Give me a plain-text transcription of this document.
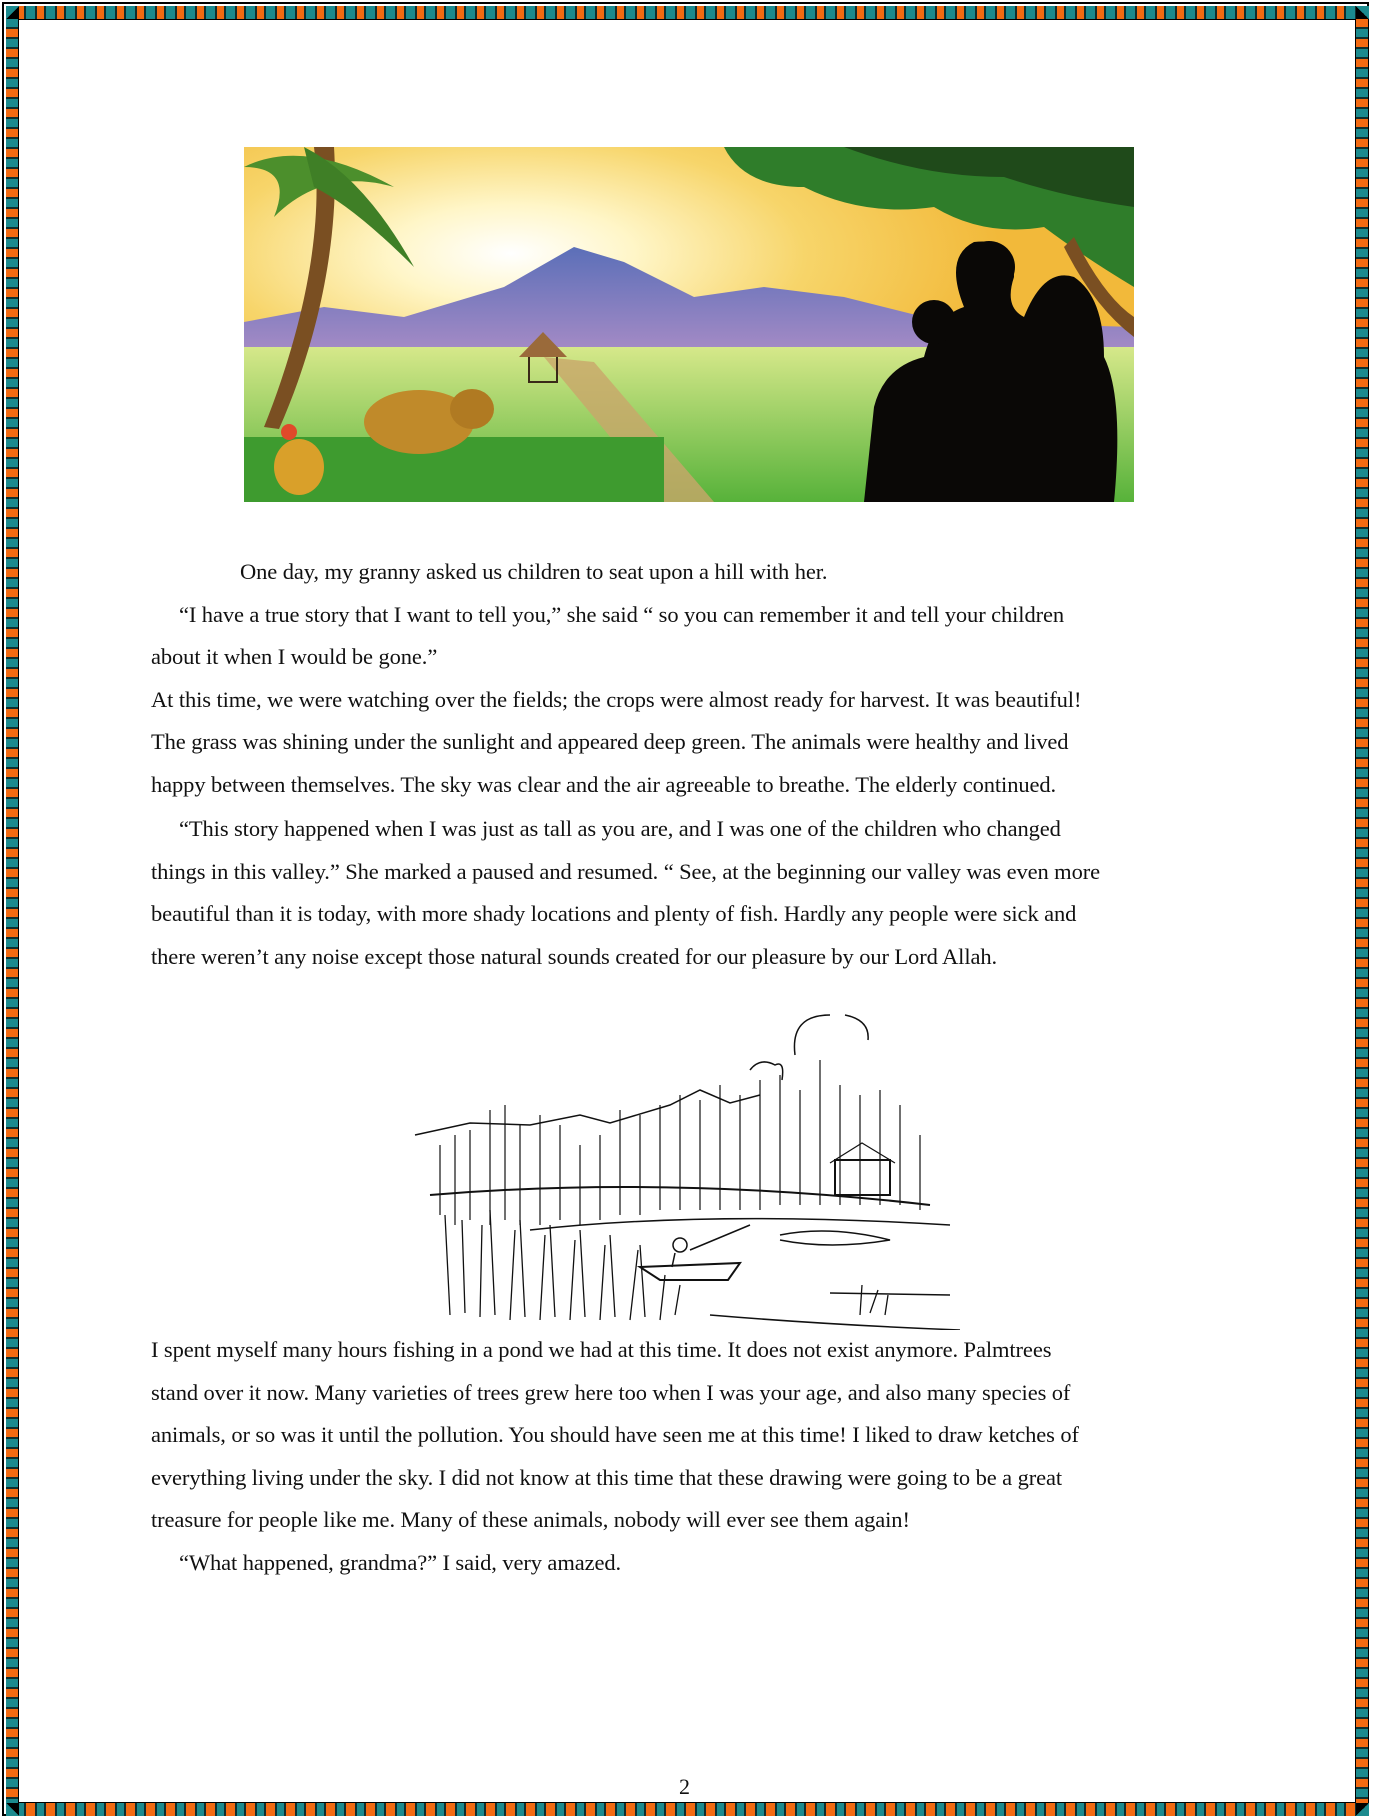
One day, my granny asked us children to seat upon a hill with her.
“I have a true story that I want to tell you,” she said “ so you can remember it and tell your children
about it when I would be gone.”
At this time, we were watching over the fields; the crops were almost ready for harvest. It was beautiful!
The grass was shining under the sunlight and appeared deep green. The animals were healthy and lived
happy between themselves. The sky was clear and the air agreeable to breathe. The elderly continued.
“This story happened when I was just as tall as you are, and I was one of the children who changed
things in this valley.” She marked a paused and resumed. “ See, at the beginning our valley was even more
beautiful than it is today, with more shady locations and plenty of fish. Hardly any people were sick and
there weren’t any noise except those natural sounds created for our pleasure by our Lord Allah.
I spent myself many hours fishing in a pond we had at this time. It does not exist anymore. Palmtrees
stand over it now. Many varieties of trees grew here too when I was your age, and also many species of
animals, or so was it until the pollution. You should have seen me at this time! I liked to draw ketches of
everything living under the sky. I did not know at this time that these drawing were going to be a great
treasure for people like me. Many of these animals, nobody will ever see them again!
“What happened, grandma?” I said, very amazed.
2
